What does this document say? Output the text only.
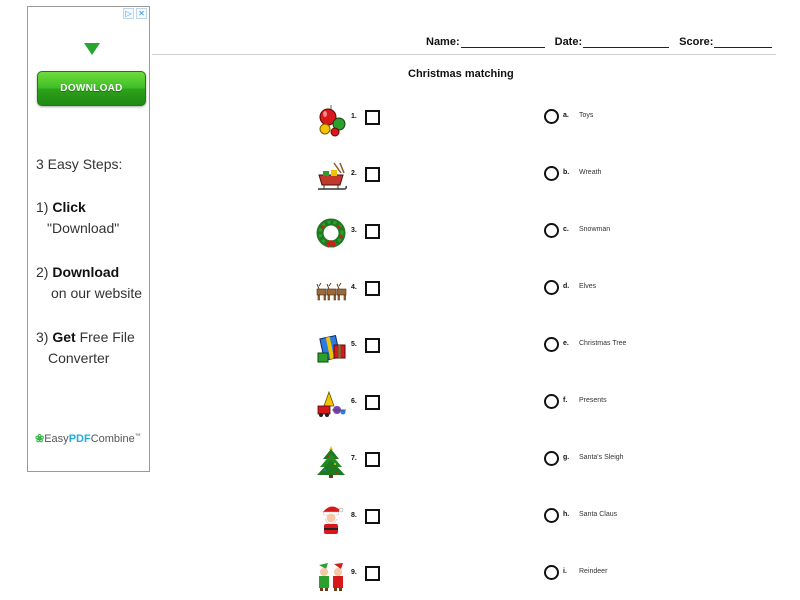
▷ ✕
DOWNLOAD
3 Easy Steps:
1) Click
"Download"
2) Download
on our website
3) Get Free File
Converter
❀EasyPDFCombine™
Name:	Date:	Score:
Christmas matching
1.
2.
3.
4.
5.
6.
7.
8.
9.
a. Toys
b. Wreath
c. Snowman
d. Elves
e. Christmas Tree
f. Presents
g. Santa's Sleigh
h. Santa Claus
i. Reindeer
